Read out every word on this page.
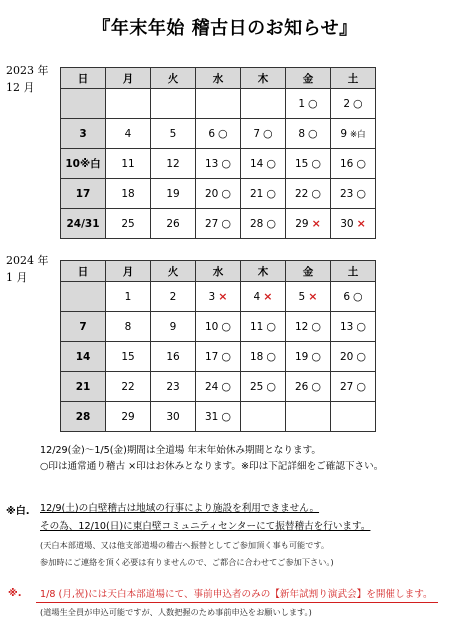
『年末年始 稽古日のお知らせ』
2023 年
12 月
日	月	火	水	木	金	土
					1 ○	2 ○
3	4	5	6 ○	7 ○	8 ○	9 ※白
10※白	11	12	13 ○	14 ○	15 ○	16 ○
17	18	19	20 ○	21 ○	22 ○	23 ○
24/31	25	26	27 ○	28 ○	29 ×	30 ×
2024 年
1 月	日	月	火	水	木	金	土
	1	2	3 ×	4 ×	5 ×	6 ○
7	8	9	10 ○	11 ○	12 ○	13 ○
14	15	16	17 ○	18 ○	19 ○	20 ○
21	22	23	24 ○	25 ○	26 ○	27 ○
28	29	30	31 ○			
12/29(金)～1/5(金)期間は全道場 年末年始休み期間となります。
○印は通常通り稽古 ×印はお休みとなります。※印は下記詳細をご確認下さい。
※白. 12/9(土)の白壁稽古は地域の行事により施設を利用できません。
その為、12/10(日)に東白壁コミュニティセンターにて振替稽古を行います。
(天白本部道場、又は他支部道場の稽古へ振替としてご参加頂く事も可能です。
参加時にご連絡を頂く必要は有りませんので、ご都合に合わせてご参加下さい。)
※. 1/8 (月,祝)には天白本部道場にて、事前申込者のみの【新年試割り演武会】を開催します。
(道場生全員が申込可能ですが、人数把握のため事前申込をお願いします。)
